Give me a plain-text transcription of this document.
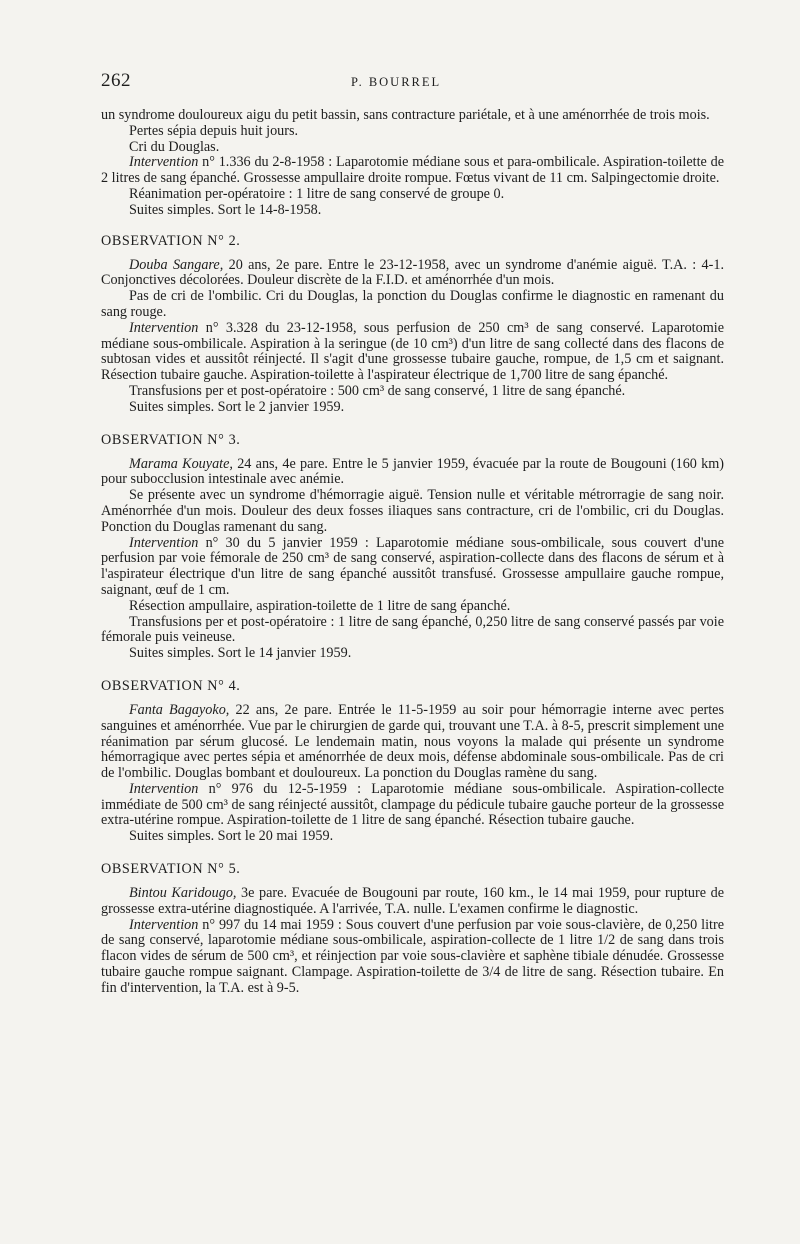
262	P. BOURREL

un syndrome douloureux aigu du petit bassin, sans contracture pariétale, et à une aménorrhée de trois mois.

Pertes sépia depuis huit jours.

Cri du Douglas.

Intervention n° 1.336 du 2-8-1958 : Laparotomie médiane sous et para-ombilicale. Aspiration-toilette de 2 litres de sang épanché. Grossesse ampullaire droite rompue. Fœtus vivant de 11 cm. Salpingectomie droite.

Réanimation per-opératoire : 1 litre de sang conservé de groupe 0.

Suites simples. Sort le 14-8-1958.

OBSERVATION N° 2.

Douba Sangare, 20 ans, 2e pare. Entre le 23-12-1958, avec un syndrome d'anémie aiguë. T.A. : 4-1. Conjonctives décolorées. Douleur discrète de la F.I.D. et aménorrhée d'un mois.

Pas de cri de l'ombilic. Cri du Douglas, la ponction du Douglas confirme le diagnostic en ramenant du sang rouge.

Intervention n° 3.328 du 23-12-1958, sous perfusion de 250 cm³ de sang conservé. Laparotomie médiane sous-ombilicale. Aspiration à la seringue (de 10 cm³) d'un litre de sang collecté dans des flacons de subtosan vides et aussitôt réinjecté. Il s'agit d'une grossesse tubaire gauche, rompue, de 1,5 cm et saignant. Résection tubaire gauche. Aspiration-toilette à l'aspirateur électrique de 1,700 litre de sang épanché.

Transfusions per et post-opératoire : 500 cm³ de sang conservé, 1 litre de sang épanché.

Suites simples. Sort le 2 janvier 1959.

OBSERVATION N° 3.

Marama Kouyate, 24 ans, 4e pare. Entre le 5 janvier 1959, évacuée par la route de Bougouni (160 km) pour subocclusion intestinale avec anémie.

Se présente avec un syndrome d'hémorragie aiguë. Tension nulle et véritable métrorragie de sang noir. Aménorrhée d'un mois. Douleur des deux fosses iliaques sans contracture, cri de l'ombilic, cri du Douglas. Ponction du Douglas ramenant du sang.

Intervention n° 30 du 5 janvier 1959 : Laparotomie médiane sous-ombilicale, sous couvert d'une perfusion par voie fémorale de 250 cm³ de sang conservé, aspiration-collecte dans des flacons de sérum et à l'aspirateur électrique d'un litre de sang épanché aussitôt transfusé. Grossesse ampullaire gauche rompue, saignant, œuf de 1 cm.

Résection ampullaire, aspiration-toilette de 1 litre de sang épanché.

Transfusions per et post-opératoire : 1 litre de sang épanché, 0,250 litre de sang conservé passés par voie fémorale puis veineuse.

Suites simples. Sort le 14 janvier 1959.

OBSERVATION N° 4.

Fanta Bagayoko, 22 ans, 2e pare. Entrée le 11-5-1959 au soir pour hémorragie interne avec pertes sanguines et aménorrhée. Vue par le chirurgien de garde qui, trouvant une T.A. à 8-5, prescrit simplement une réanimation par sérum glucosé. Le lendemain matin, nous voyons la malade qui présente un syndrome hémorragique avec pertes sépia et aménorrhée de deux mois, défense abdominale sous-ombilicale. Pas de cri de l'ombilic. Douglas bombant et douloureux. La ponction du Douglas ramène du sang.

Intervention n° 976 du 12-5-1959 : Laparotomie médiane sous-ombilicale. Aspiration-collecte immédiate de 500 cm³ de sang réinjecté aussitôt, clampage du pédicule tubaire gauche porteur de la grossesse extra-utérine rompue. Aspiration-toilette de 1 litre de sang épanché. Résection tubaire gauche.

Suites simples. Sort le 20 mai 1959.

OBSERVATION N° 5.

Bintou Karidougo, 3e pare. Evacuée de Bougouni par route, 160 km., le 14 mai 1959, pour rupture de grossesse extra-utérine diagnostiquée. A l'arrivée, T.A. nulle. L'examen confirme le diagnostic.

Intervention n° 997 du 14 mai 1959 : Sous couvert d'une perfusion par voie sous-clavière, de 0,250 litre de sang conservé, laparotomie médiane sous-ombilicale, aspiration-collecte de 1 litre 1/2 de sang dans trois flacon vides de sérum de 500 cm³, et réinjection par voie sous-clavière et saphène tibiale dénudée. Grossesse tubaire gauche rompue saignant. Clampage. Aspiration-toilette de 3/4 de litre de sang. Résection tubaire. En fin d'intervention, la T.A. est à 9-5.
